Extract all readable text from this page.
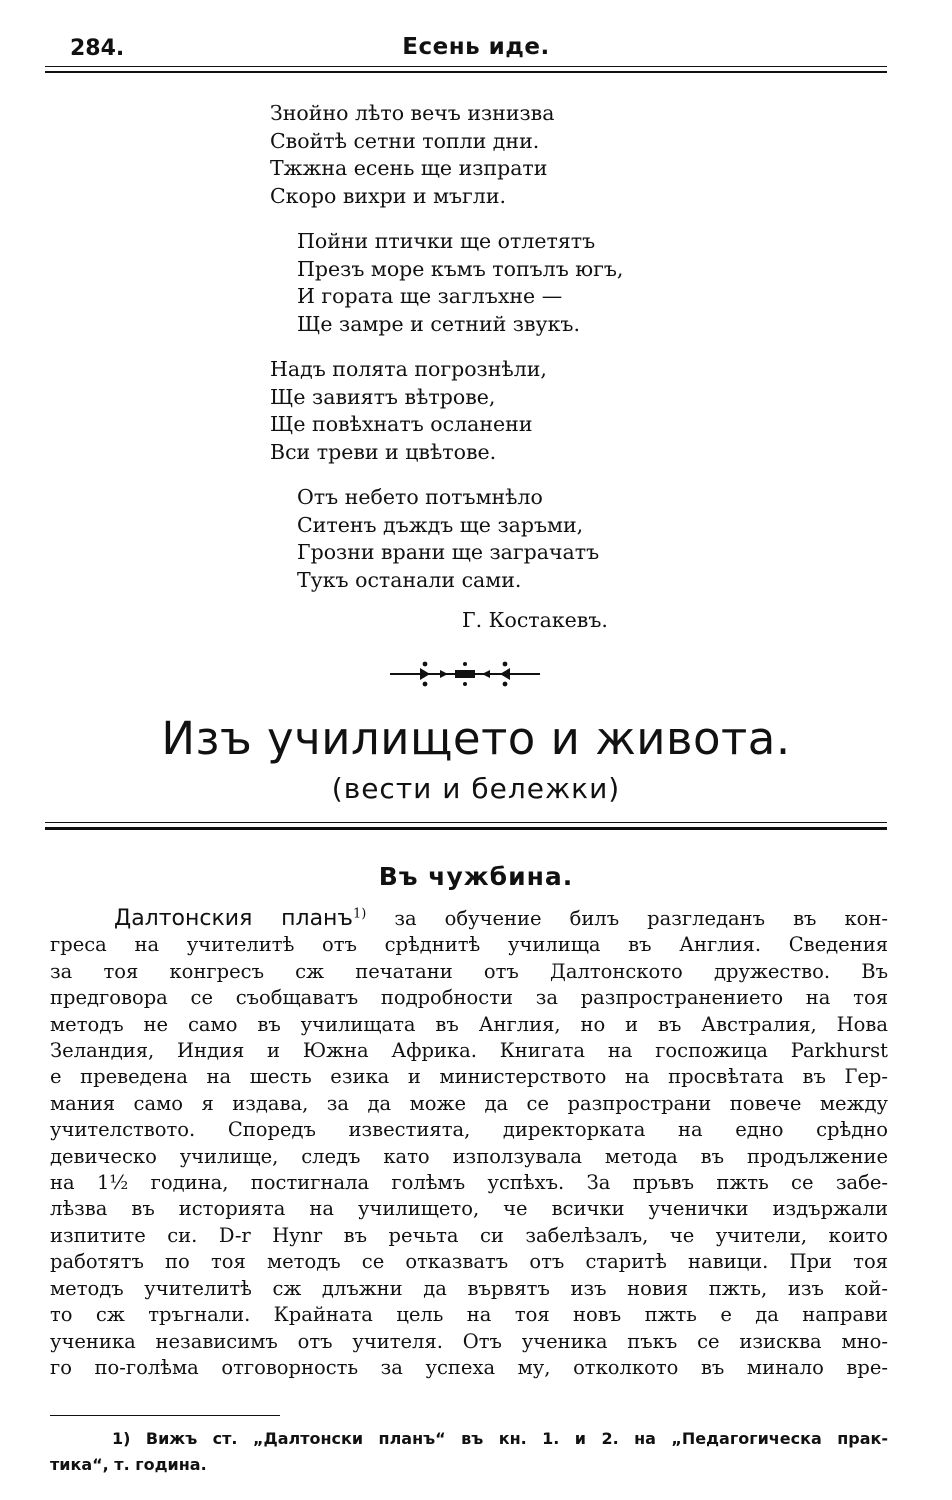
284.	Есень иде.
Знойно лѣто вечъ изнизва
Свойтѣ сетни топли дни.
Тжжна есень ще изпрати
Скоро вихри и мъгли.
Пойни птички ще отлетятъ
Презъ море къмъ топълъ югъ,
И гората ще заглъхне —
Ще замре и сетний звукъ.
Надъ полята погрознѣли,
Ще завиятъ вѣтрове,
Ще повѣхнатъ осланени
Вси треви и цвѣтове.
Отъ небето потъмнѣло
Ситенъ дъждъ ще заръми,
Грозни врани ще заграчатъ
Тукъ останали сами.
Г. Костакевъ.
Изъ училището и живота.
(вести и бележки)
Въ чужбина.
Далтонския планъ$^{1)}$ за обучение билъ разгледанъ въ кон-
греса на учителитѣ отъ срѣднитѣ училища въ Англия. Сведения
за тоя конгресъ сж печатани отъ Далтонското дружество. Въ
предговора се съобщаватъ подробности за разпространението на тоя
методъ не само въ училищата въ Англия, но и въ Австралия, Нова
Зеландия, Индия и Южна Африка. Книгата на госпожица Parkhurst
е преведена на шесть езика и министерството на просвѣтата въ Гер-
мания само я издава, за да може да се разпространи повече между
учителството. Споредъ известията, директорката на едно срѣдно
девическо училище, следъ като използувала метода въ продължение
на 1½ година, постигнала голѣмъ успѣхъ. За пръвъ пжть се забе-
лѣзва въ историята на училището, че всички ученички издържали
изпитите си. D-r Hynr въ речьта си забелѣзалъ, че учители, които
работятъ по тоя методъ се отказватъ отъ старитѣ навици. При тоя
методъ учителитѣ сж длъжни да вървятъ изъ новия пжть, изъ кой-
то сж тръгнали. Крайната цель на тоя новъ пжть е да направи
ученика независимъ отъ учителя. Отъ ученика пъкъ се изисква мно-
го по-голѣма отговорность за успеха му, отколкото въ минало вре-
1) Вижъ ст. „Далтонски планъ“ въ кн. 1. и 2. на „Педагогическа прак-
тика“, т. година.
